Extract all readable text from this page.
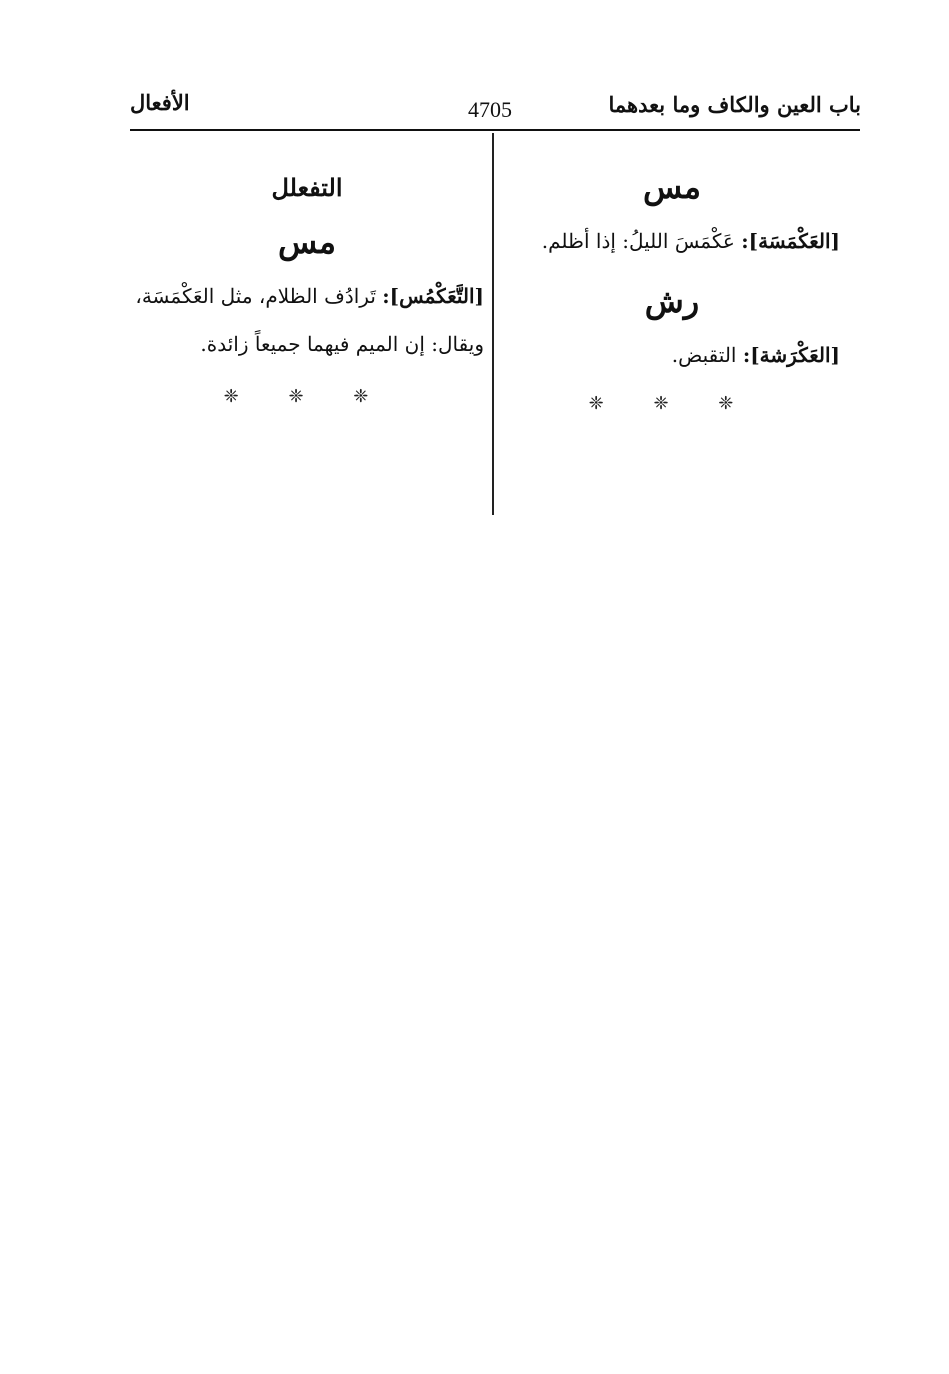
باب العين والكاف وما بعدهما
4705
الأفعال
مس

[العَكْمَسَة]: عَكْمَسَ الليلُ: إذا أظلم.

رش

[العَكْرَشة]: التقبض.

❈ ❈ ❈
التفعلل
مس

[التَّعَكْمُس]: تَرادُف الظلام، مثل العَكْمَسَة، ويقال: إن الميم فيهما جميعاً زائدة.

❈ ❈ ❈
